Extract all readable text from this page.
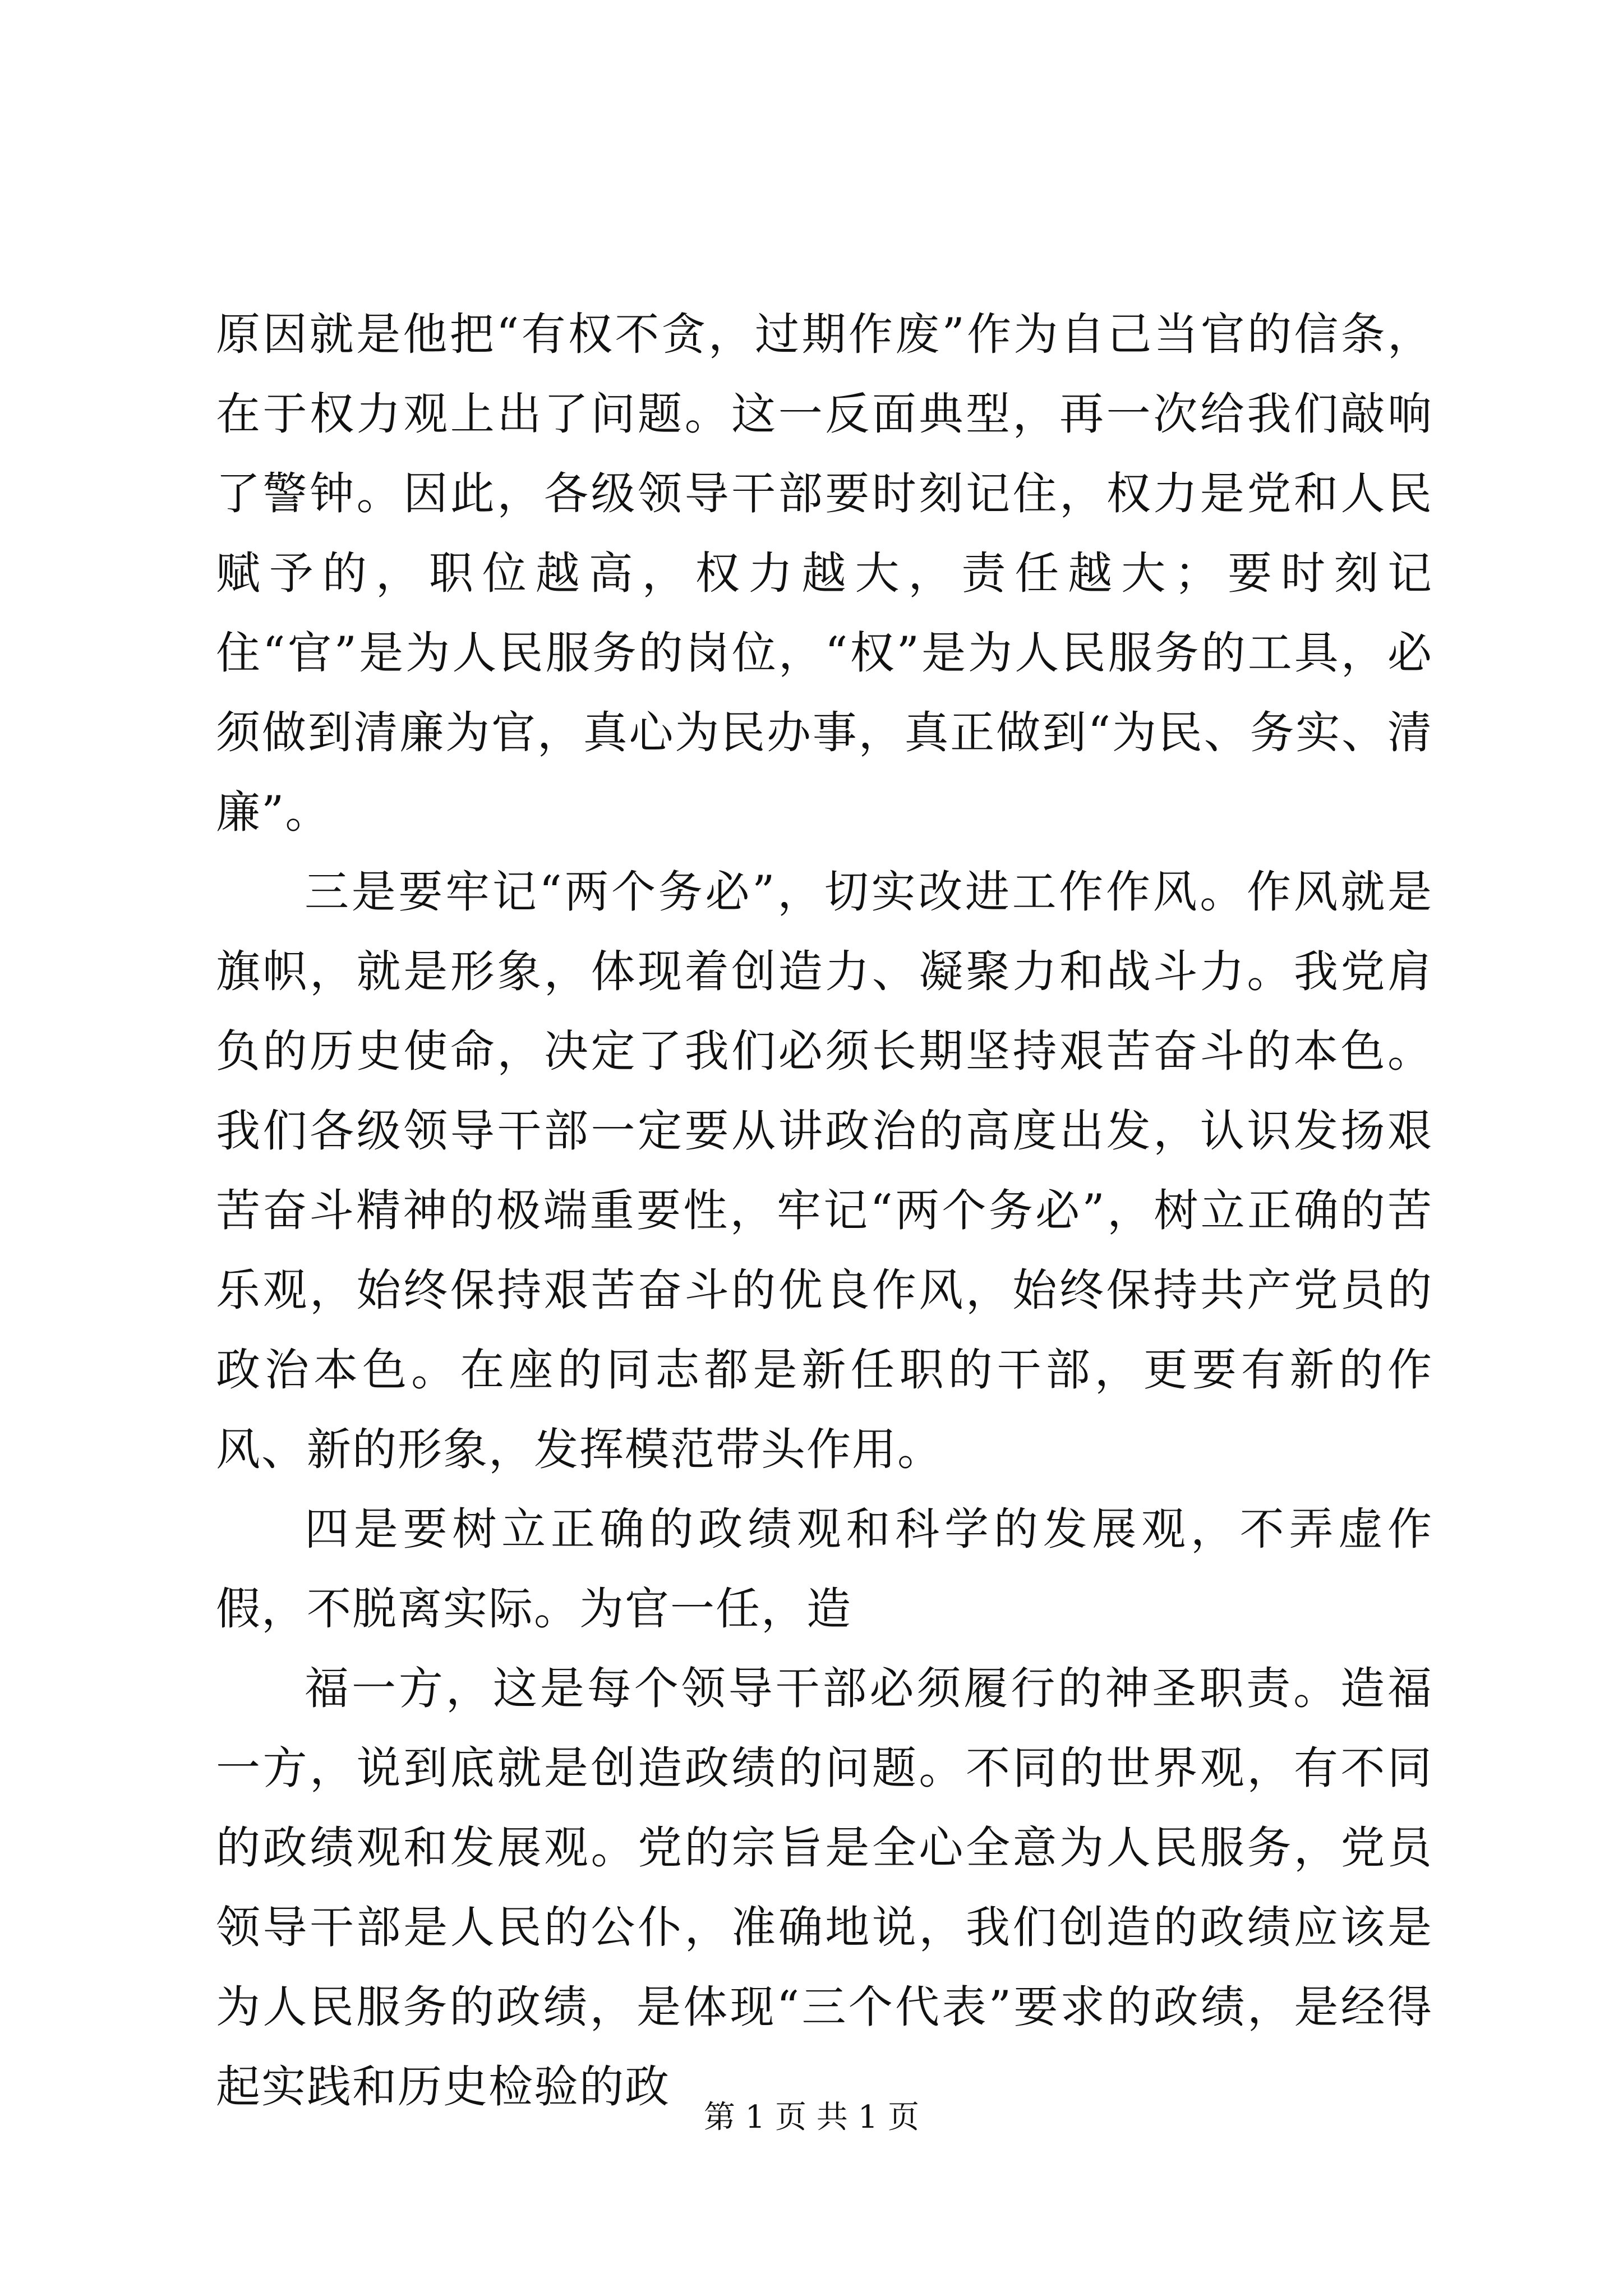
原因就是他把“有权不贪，过期作废”作为自己当官的信条，在于权力观上出了问题。这一反面典型，再一次给我们敲响了警钟。因此，各级领导干部要时刻记住，权力是党和人民赋予的，职位越高，权力越大，责任越大；要时刻记住“官”是为人民服务的岗位，“权”是为人民服务的工具，必须做到清廉为官，真心为民办事，真正做到“为民、务实、清廉”。

三是要牢记“两个务必”，切实改进工作作风。作风就是旗帜，就是形象，体现着创造力、凝聚力和战斗力。我党肩负的历史使命，决定了我们必须长期坚持艰苦奋斗的本色。我们各级领导干部一定要从讲政治的高度出发，认识发扬艰苦奋斗精神的极端重要性，牢记“两个务必”，树立正确的苦乐观，始终保持艰苦奋斗的优良作风，始终保持共产党员的政治本色。在座的同志都是新任职的干部，更要有新的作风、新的形象，发挥模范带头作用。

四是要树立正确的政绩观和科学的发展观，不弄虚作假，不脱离实际。为官一任，造

福一方，这是每个领导干部必须履行的神圣职责。造福一方，说到底就是创造政绩的问题。不同的世界观，有不同的政绩观和发展观。党的宗旨是全心全意为人民服务，党员领导干部是人民的公仆，准确地说，我们创造的政绩应该是为人民服务的政绩，是体现“三个代表”要求的政绩，是经得起实践和历史检验的政

第 1 页 共 1 页
